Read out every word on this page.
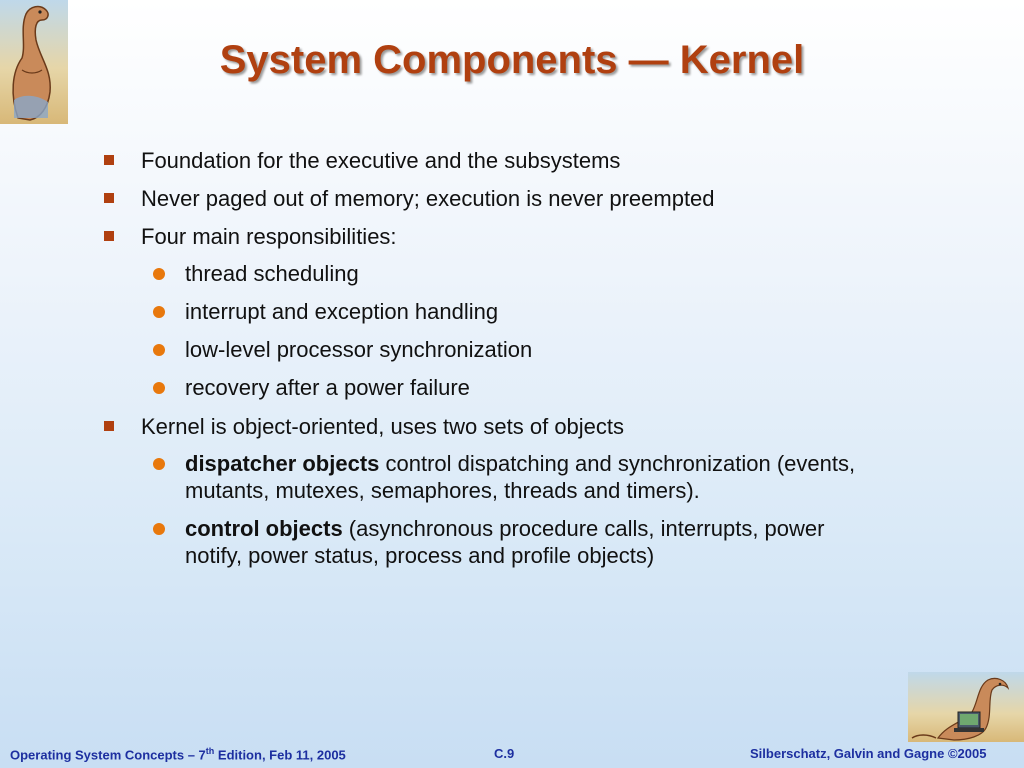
System Components — Kernel
Foundation for the executive and the subsystems
Never paged out of memory; execution is never preempted
Four main responsibilities:
thread scheduling
interrupt and exception handling
low-level processor synchronization
recovery after a power failure
Kernel is object-oriented, uses two sets of objects
dispatcher objects control dispatching and synchronization (events, mutants, mutexes, semaphores, threads and timers).
control objects (asynchronous procedure calls, interrupts, power notify, power status, process and profile objects)
Operating System Concepts – 7th Edition, Feb 11, 2005	C.9	Silberschatz, Galvin and Gagne ©2005
